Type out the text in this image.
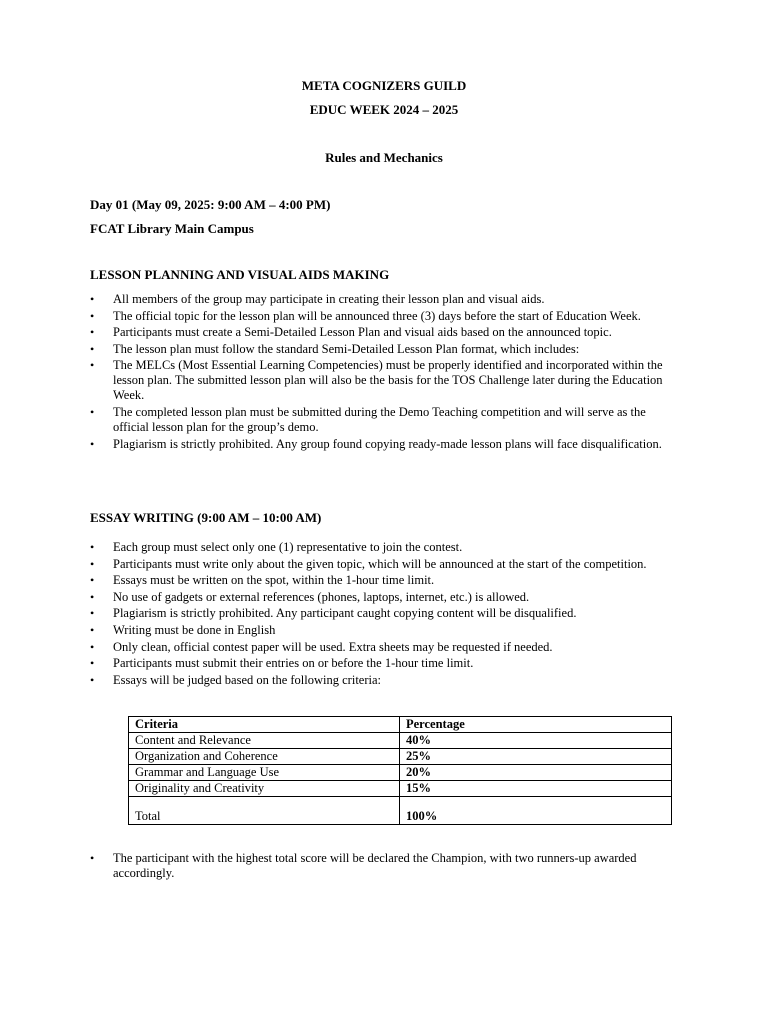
META COGNIZERS GUILD
EDUC WEEK 2024 – 2025
Rules and Mechanics
Day 01 (May 09, 2025: 9:00 AM – 4:00 PM)
FCAT Library Main Campus
LESSON PLANNING AND VISUAL AIDS MAKING
• All members of the group may participate in creating their lesson plan and visual aids.
• The official topic for the lesson plan will be announced three (3) days before the start of Education Week.
• Participants must create a Semi-Detailed Lesson Plan and visual aids based on the announced topic.
• The lesson plan must follow the standard Semi-Detailed Lesson Plan format, which includes:
• The MELCs (Most Essential Learning Competencies) must be properly identified and incorporated within the lesson plan. The submitted lesson plan will also be the basis for the TOS Challenge later during the Education Week.
• The completed lesson plan must be submitted during the Demo Teaching competition and will serve as the official lesson plan for the group’s demo.
• Plagiarism is strictly prohibited. Any group found copying ready-made lesson plans will face disqualification.
ESSAY WRITING (9:00 AM – 10:00 AM)
• Each group must select only one (1) representative to join the contest.
• Participants must write only about the given topic, which will be announced at the start of the competition.
• Essays must be written on the spot, within the 1-hour time limit.
• No use of gadgets or external references (phones, laptops, internet, etc.) is allowed.
• Plagiarism is strictly prohibited. Any participant caught copying content will be disqualified.
• Writing must be done in English
• Only clean, official contest paper will be used. Extra sheets may be requested if needed.
• Participants must submit their entries on or before the 1-hour time limit.
• Essays will be judged based on the following criteria:
Criteria	Percentage
Content and Relevance	40%
Organization and Coherence	25%
Grammar and Language Use	20%
Originality and Creativity	15%
Total	100%
• The participant with the highest total score will be declared the Champion, with two runners-up awarded accordingly.
